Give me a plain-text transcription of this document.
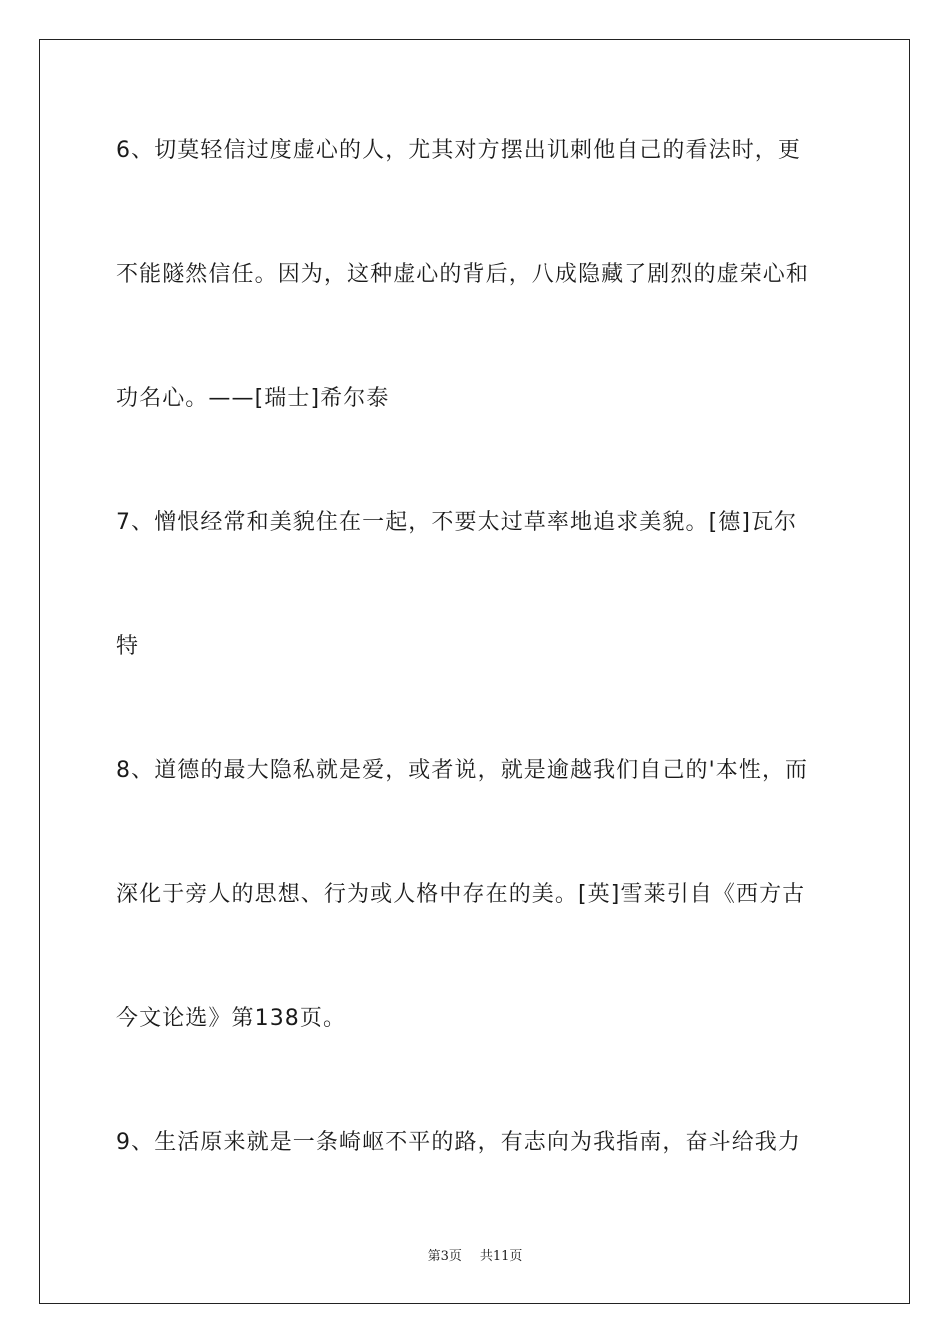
6、切莫轻信过度虚心的人，尤其对方摆出讥刺他自己的看法时，更
不能隧然信任。因为，这种虚心的背后，八成隐藏了剧烈的虚荣心和
功名心。——[瑞士]希尔泰
7、憎恨经常和美貌住在一起，不要太过草率地追求美貌。[德]瓦尔
特
8、道德的最大隐私就是爱，或者说，就是逾越我们自己的'本性，而
深化于旁人的思想、行为或人格中存在的美。[英]雪莱引自《西方古
今文论选》第138页。
9、生活原来就是一条崎岖不平的路，有志向为我指南，奋斗给我力
第3页 共11页
